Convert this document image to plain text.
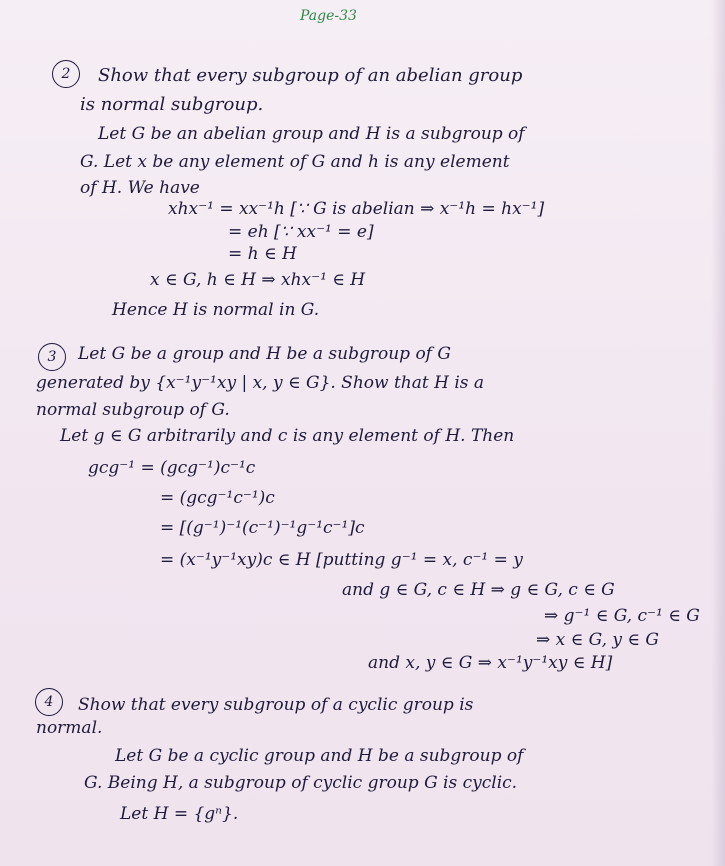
Page-33
2
3
4
Show that every subgroup of an abelian group
is normal subgroup.
Let G be an abelian group and H is a subgroup of
G. Let x be any element of G and h is any element
of H. We have
xhx⁻¹ = xx⁻¹h [∵ G is abelian ⇒ x⁻¹h = hx⁻¹]
= eh [∵ xx⁻¹ = e]
= h ∈ H
x ∈ G, h ∈ H ⇒ xhx⁻¹ ∈ H
Hence H is normal in G.
Let G be a group and H be a subgroup of G
generated by {x⁻¹y⁻¹xy | x, y ∈ G}. Show that H is a
normal subgroup of G.
Let g ∈ G arbitrarily and c is any element of H. Then
gcg⁻¹ = (gcg⁻¹)c⁻¹c
= (gcg⁻¹c⁻¹)c
= [(g⁻¹)⁻¹(c⁻¹)⁻¹g⁻¹c⁻¹]c
= (x⁻¹y⁻¹xy)c ∈ H [putting g⁻¹ = x, c⁻¹ = y
and g ∈ G, c ∈ H ⇒ g ∈ G, c ∈ G
⇒ g⁻¹ ∈ G, c⁻¹ ∈ G
⇒ x ∈ G, y ∈ G
and x, y ∈ G ⇒ x⁻¹y⁻¹xy ∈ H]
Show that every subgroup of a cyclic group is
normal.
Let G be a cyclic group and H be a subgroup of
G. Being H, a subgroup of cyclic group G is cyclic.
Let H = {gⁿ}.
